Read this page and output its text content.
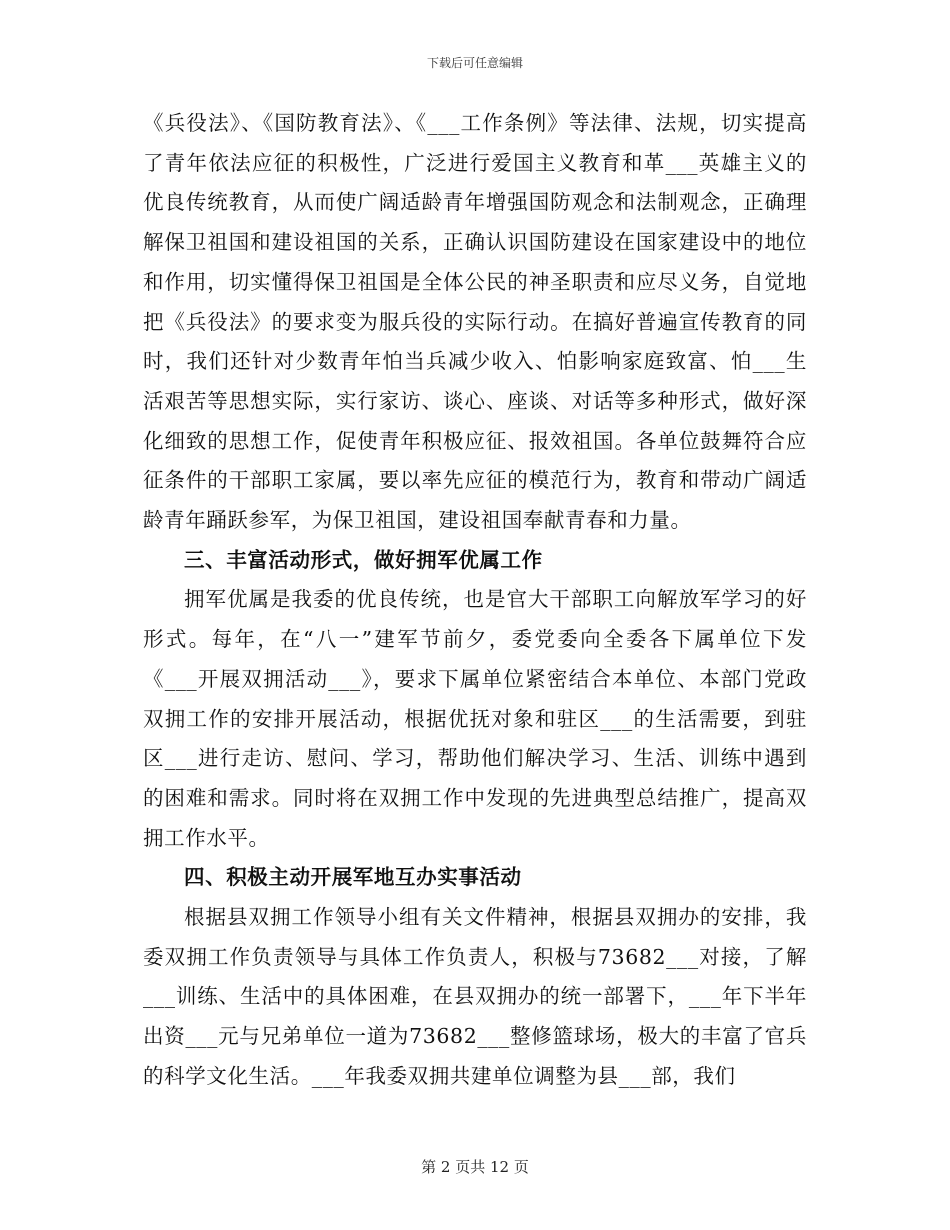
下载后可任意编辑

《兵役法》、《国防教育法》、《___工作条例》等法律、法规，切实提高了青年依法应征的积极性，广泛进行爱国主义教育和革___英雄主义的优良传统教育，从而使广阔适龄青年增强国防观念和法制观念，正确理解保卫祖国和建设祖国的关系，正确认识国防建设在国家建设中的地位和作用，切实懂得保卫祖国是全体公民的神圣职责和应尽义务，自觉地把《兵役法》的要求变为服兵役的实际行动。在搞好普遍宣传教育的同时，我们还针对少数青年怕当兵减少收入、怕影响家庭致富、怕___生活艰苦等思想实际，实行家访、谈心、座谈、对话等多种形式，做好深化细致的思想工作，促使青年积极应征、报效祖国。各单位鼓舞符合应征条件的干部职工家属，要以率先应征的模范行为，教育和带动广阔适龄青年踊跃参军，为保卫祖国，建设祖国奉献青春和力量。

三、丰富活动形式，做好拥军优属工作

拥军优属是我委的优良传统，也是官大干部职工向解放军学习的好形式。每年，在“八一”建军节前夕，委党委向全委各下属单位下发《___开展双拥活动___》，要求下属单位紧密结合本单位、本部门党政双拥工作的安排开展活动，根据优抚对象和驻区___的生活需要，到驻区___进行走访、慰问、学习，帮助他们解决学习、生活、训练中遇到的困难和需求。同时将在双拥工作中发现的先进典型总结推广，提高双拥工作水平。

四、积极主动开展军地互办实事活动

根据县双拥工作领导小组有关文件精神，根据县双拥办的安排，我委双拥工作负责领导与具体工作负责人，积极与73682___对接，了解___训练、生活中的具体困难，在县双拥办的统一部署下，___年下半年出资___元与兄弟单位一道为73682___整修篮球场，极大的丰富了官兵的科学文化生活。___年我委双拥共建单位调整为县___部，我们

第 2 页共 12 页
